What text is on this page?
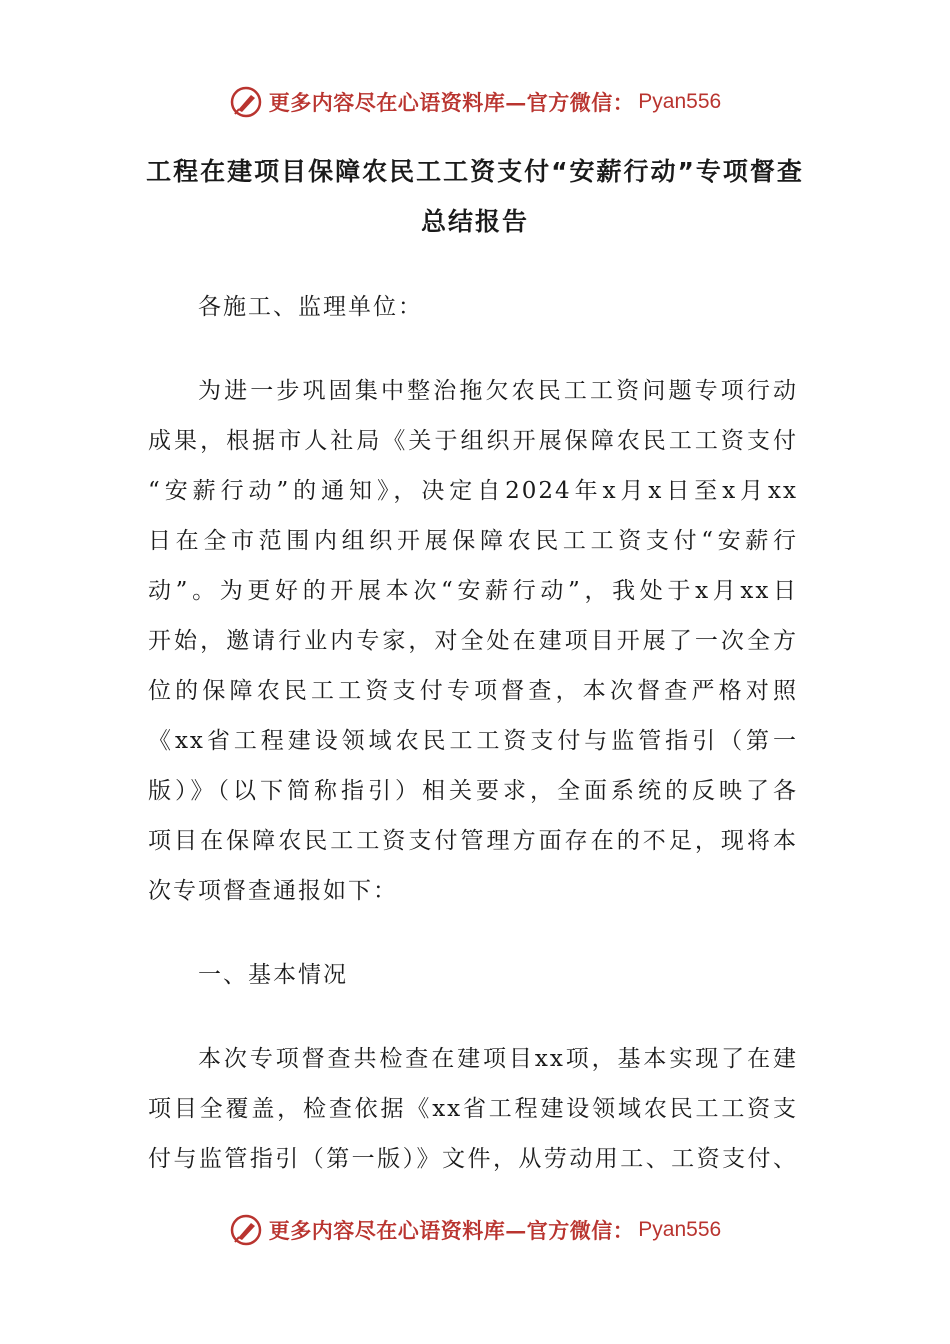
更多内容尽在心语资料库—官方微信： Pyan556
工程在建项目保障农民工工资支付“安薪行动”专项督查
总结报告

各施工、监理单位：

为进一步巩固集中整治拖欠农民工工资问题专项行动
成果，根据市人社局《关于组织开展保障农民工工资支付
“安薪行动”的通知》，决定自2024年x月x日至x月xx
日在全市范围内组织开展保障农民工工资支付“安薪行
动”。为更好的开展本次“安薪行动”，我处于x月xx日
开始，邀请行业内专家，对全处在建项目开展了一次全方
位的保障农民工工资支付专项督查，本次督查严格对照
《xx省工程建设领域农民工工资支付与监管指引（第一
版）》（以下简称指引）相关要求，全面系统的反映了各
项目在保障农民工工资支付管理方面存在的不足，现将本
次专项督查通报如下：

一、基本情况

本次专项督查共检查在建项目xx项，基本实现了在建
项目全覆盖，检查依据《xx省工程建设领域农民工工资支
付与监管指引（第一版）》文件，从劳动用工、工资支付、
更多内容尽在心语资料库—官方微信： Pyan556
